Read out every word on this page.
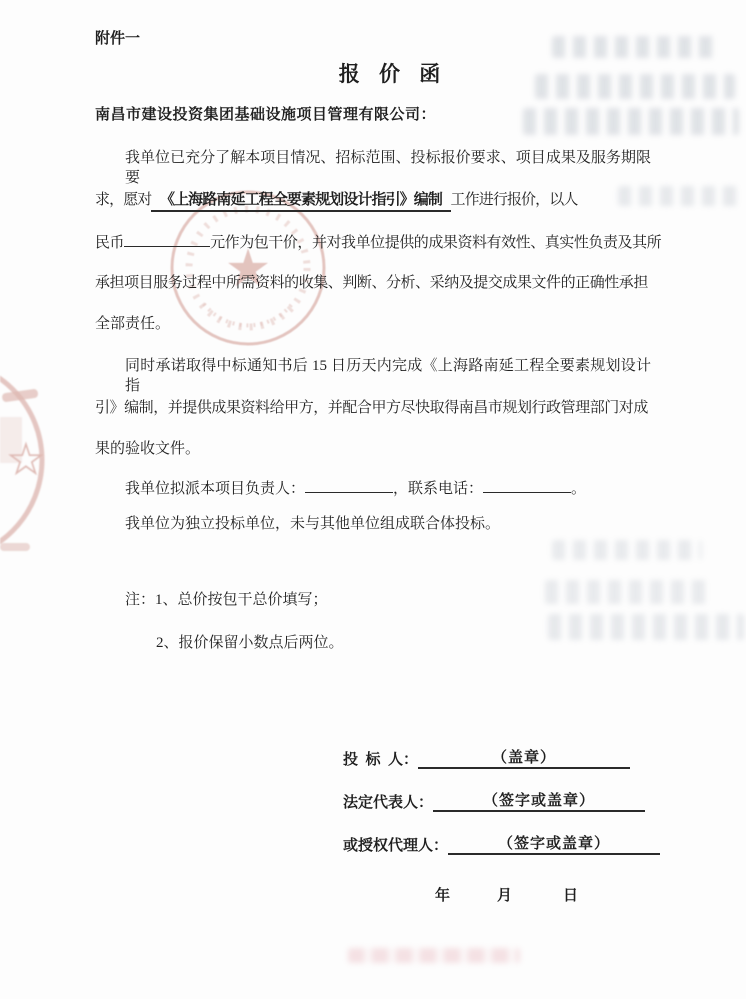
★
★
附件一
报 价 函
南昌市建设投资集团基础设施项目管理有限公司：
我单位已充分了解本项目情况、招标范围、投标报价要求、项目成果及服务期限要
求，愿对 《上海路南延工程全要素规划设计指引》编制 工作进行报价，以人
民币	元作为包干价，并对我单位提供的成果资料有效性、真实性负责及其所
承担项目服务过程中所需资料的收集、判断、分析、采纳及提交成果文件的正确性承担
全部责任。
同时承诺取得中标通知书后 15 日历天内完成《上海路南延工程全要素规划设计指
引》编制，并提供成果资料给甲方，并配合甲方尽快取得南昌市规划行政管理部门对成
果的验收文件。
我单位拟派本项目负责人：	，联系电话：	。
我单位为独立投标单位，未与其他单位组成联合体投标。
注：1、总价按包干总价填写；
2、报价保留小数点后两位。
投  标  人：	（盖章）
法定代表人：	（签字或盖章）
或授权代理人：	（签字或盖章）
年	月	日
